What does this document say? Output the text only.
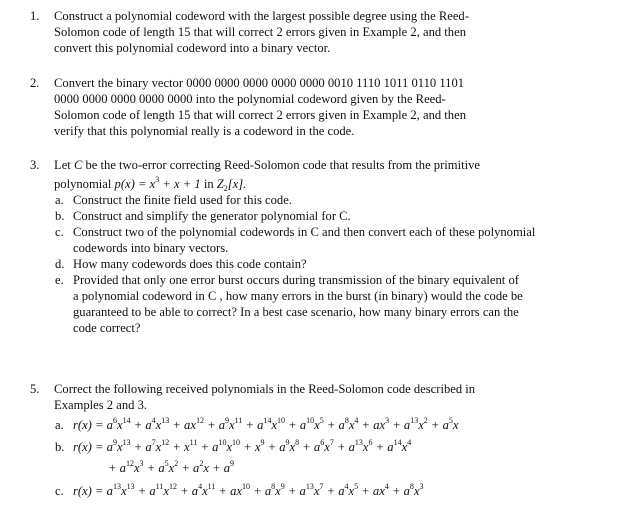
1. Construct a polynomial codeword with the largest possible degree using the Reed-
Solomon code of length 15 that will correct 2 errors given in Example 2, and then
convert this polynomial codeword into a binary vector.
2. Convert the binary vector 0000 0000 0000 0000 0000 0010 1110 1011 0110 1101
0000 0000 0000 0000 0000 into the polynomial codeword given by the Reed-
Solomon code of length 15 that will correct 2 errors given in Example 2, and then
verify that this polynomial really is a codeword in the code.
3. Let C be the two-error correcting Reed-Solomon code that results from the primitive
polynomial $p(x) = x^3 + x + 1$ in $Z_2[x]$.
a. Construct the finite field used for this code.
b. Construct and simplify the generator polynomial for C.
c. Construct two of the polynomial codewords in C and then convert each of these polynomial codewords into binary vectors.
d. How many codewords does this code contain?
e. Provided that only one error burst occurs during transmission of the binary equivalent of a polynomial codeword in C , how many errors in the burst (in binary) would the code be guaranteed to be able to correct? In a best case scenario, how many binary errors can the code correct?
5. Correct the following received polynomials in the Reed-Solomon code described in
Examples 2 and 3.
a. $r(x) = a^6x^{14} + a^4x^{13} + ax^{12} + a^9x^{11} + a^{14}x^{10} + a^{10}x^5 + a^8x^4 + ax^3 + a^{13}x^2 + a^5x$
b. $r(x) = a^9x^{13} + a^7x^{12} + x^{11} + a^{10}x^{10} + x^9 + a^9x^8 + a^6x^7 + a^{13}x^6 + a^{14}x^4$
+ $a^{12}x^3 + a^5x^2 + a^2x + a^9$
c. $r(x) = a^{13}x^{13} + a^{11}x^{12} + a^4x^{11} + ax^{10} + a^8x^9 + a^{13}x^7 + a^4x^5 + ax^4 + a^8x^3$
